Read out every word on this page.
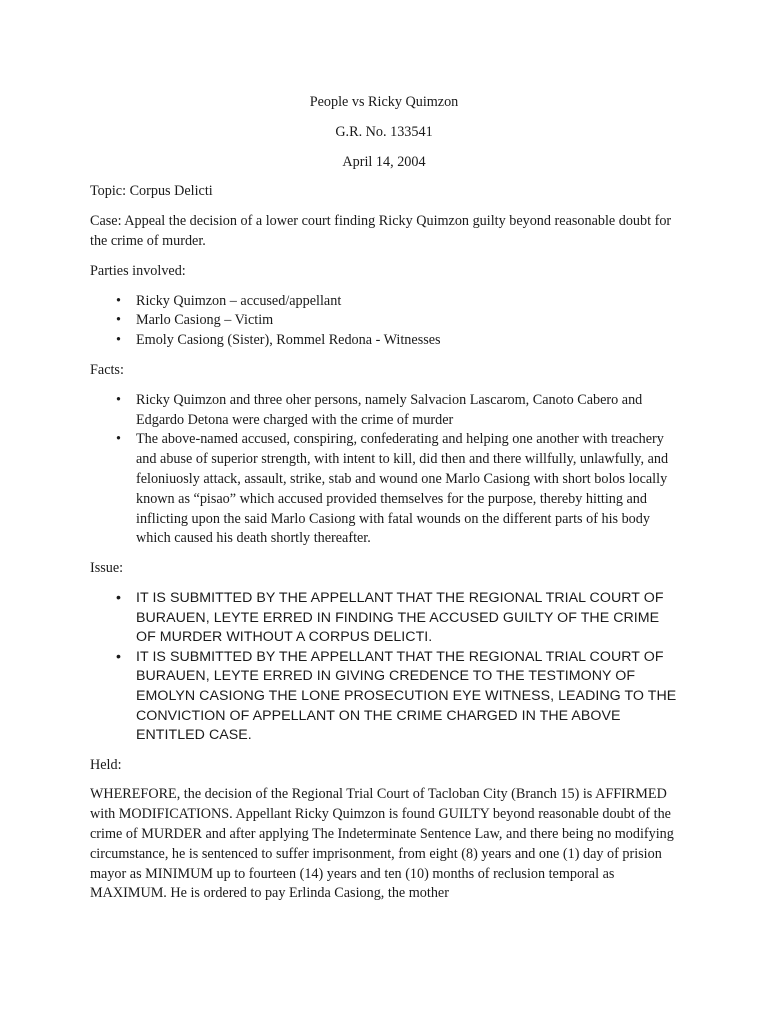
People vs Ricky Quimzon

G.R. No. 133541

April 14, 2004

Topic: Corpus Delicti

Case: Appeal the decision of a lower court finding Ricky Quimzon guilty beyond reasonable doubt for the crime of murder.

Parties involved:

• Ricky Quimzon – accused/appellant
• Marlo Casiong – Victim
• Emoly Casiong (Sister), Rommel Redona - Witnesses

Facts:

• Ricky Quimzon and three oher persons, namely Salvacion Lascarom, Canoto Cabero and Edgardo Detona were charged with the crime of murder
• The above-named accused, conspiring, confederating and helping one another with treachery and abuse of superior strength, with intent to kill, did then and there willfully, unlawfully, and feloniuosly attack, assault, strike, stab and wound one Marlo Casiong with short bolos locally known as “pisao” which accused provided themselves for the purpose, thereby hitting and inflicting upon the said Marlo Casiong with fatal wounds on the different parts of his body which caused his death shortly thereafter.

Issue:

• IT IS SUBMITTED BY THE APPELLANT THAT THE REGIONAL TRIAL COURT OF BURAUEN, LEYTE ERRED IN FINDING THE ACCUSED GUILTY OF THE CRIME OF MURDER WITHOUT A CORPUS DELICTI.
• IT IS SUBMITTED BY THE APPELLANT THAT THE REGIONAL TRIAL COURT OF BURAUEN, LEYTE ERRED IN GIVING CREDENCE TO THE TESTIMONY OF EMOLYN CASIONG THE LONE PROSECUTION EYE WITNESS, LEADING TO THE CONVICTION OF APPELLANT ON THE CRIME CHARGED IN THE ABOVE ENTITLED CASE.

Held:

WHEREFORE, the decision of the Regional Trial Court of Tacloban City (Branch 15) is AFFIRMED with MODIFICATIONS. Appellant Ricky Quimzon is found GUILTY beyond reasonable doubt of the crime of MURDER and after applying The Indeterminate Sentence Law, and there being no modifying circumstance, he is sentenced to suffer imprisonment, from eight (8) years and one (1) day of prision mayor as MINIMUM up to fourteen (14) years and ten (10) months of reclusion temporal as MAXIMUM. He is ordered to pay Erlinda Casiong, the mother
